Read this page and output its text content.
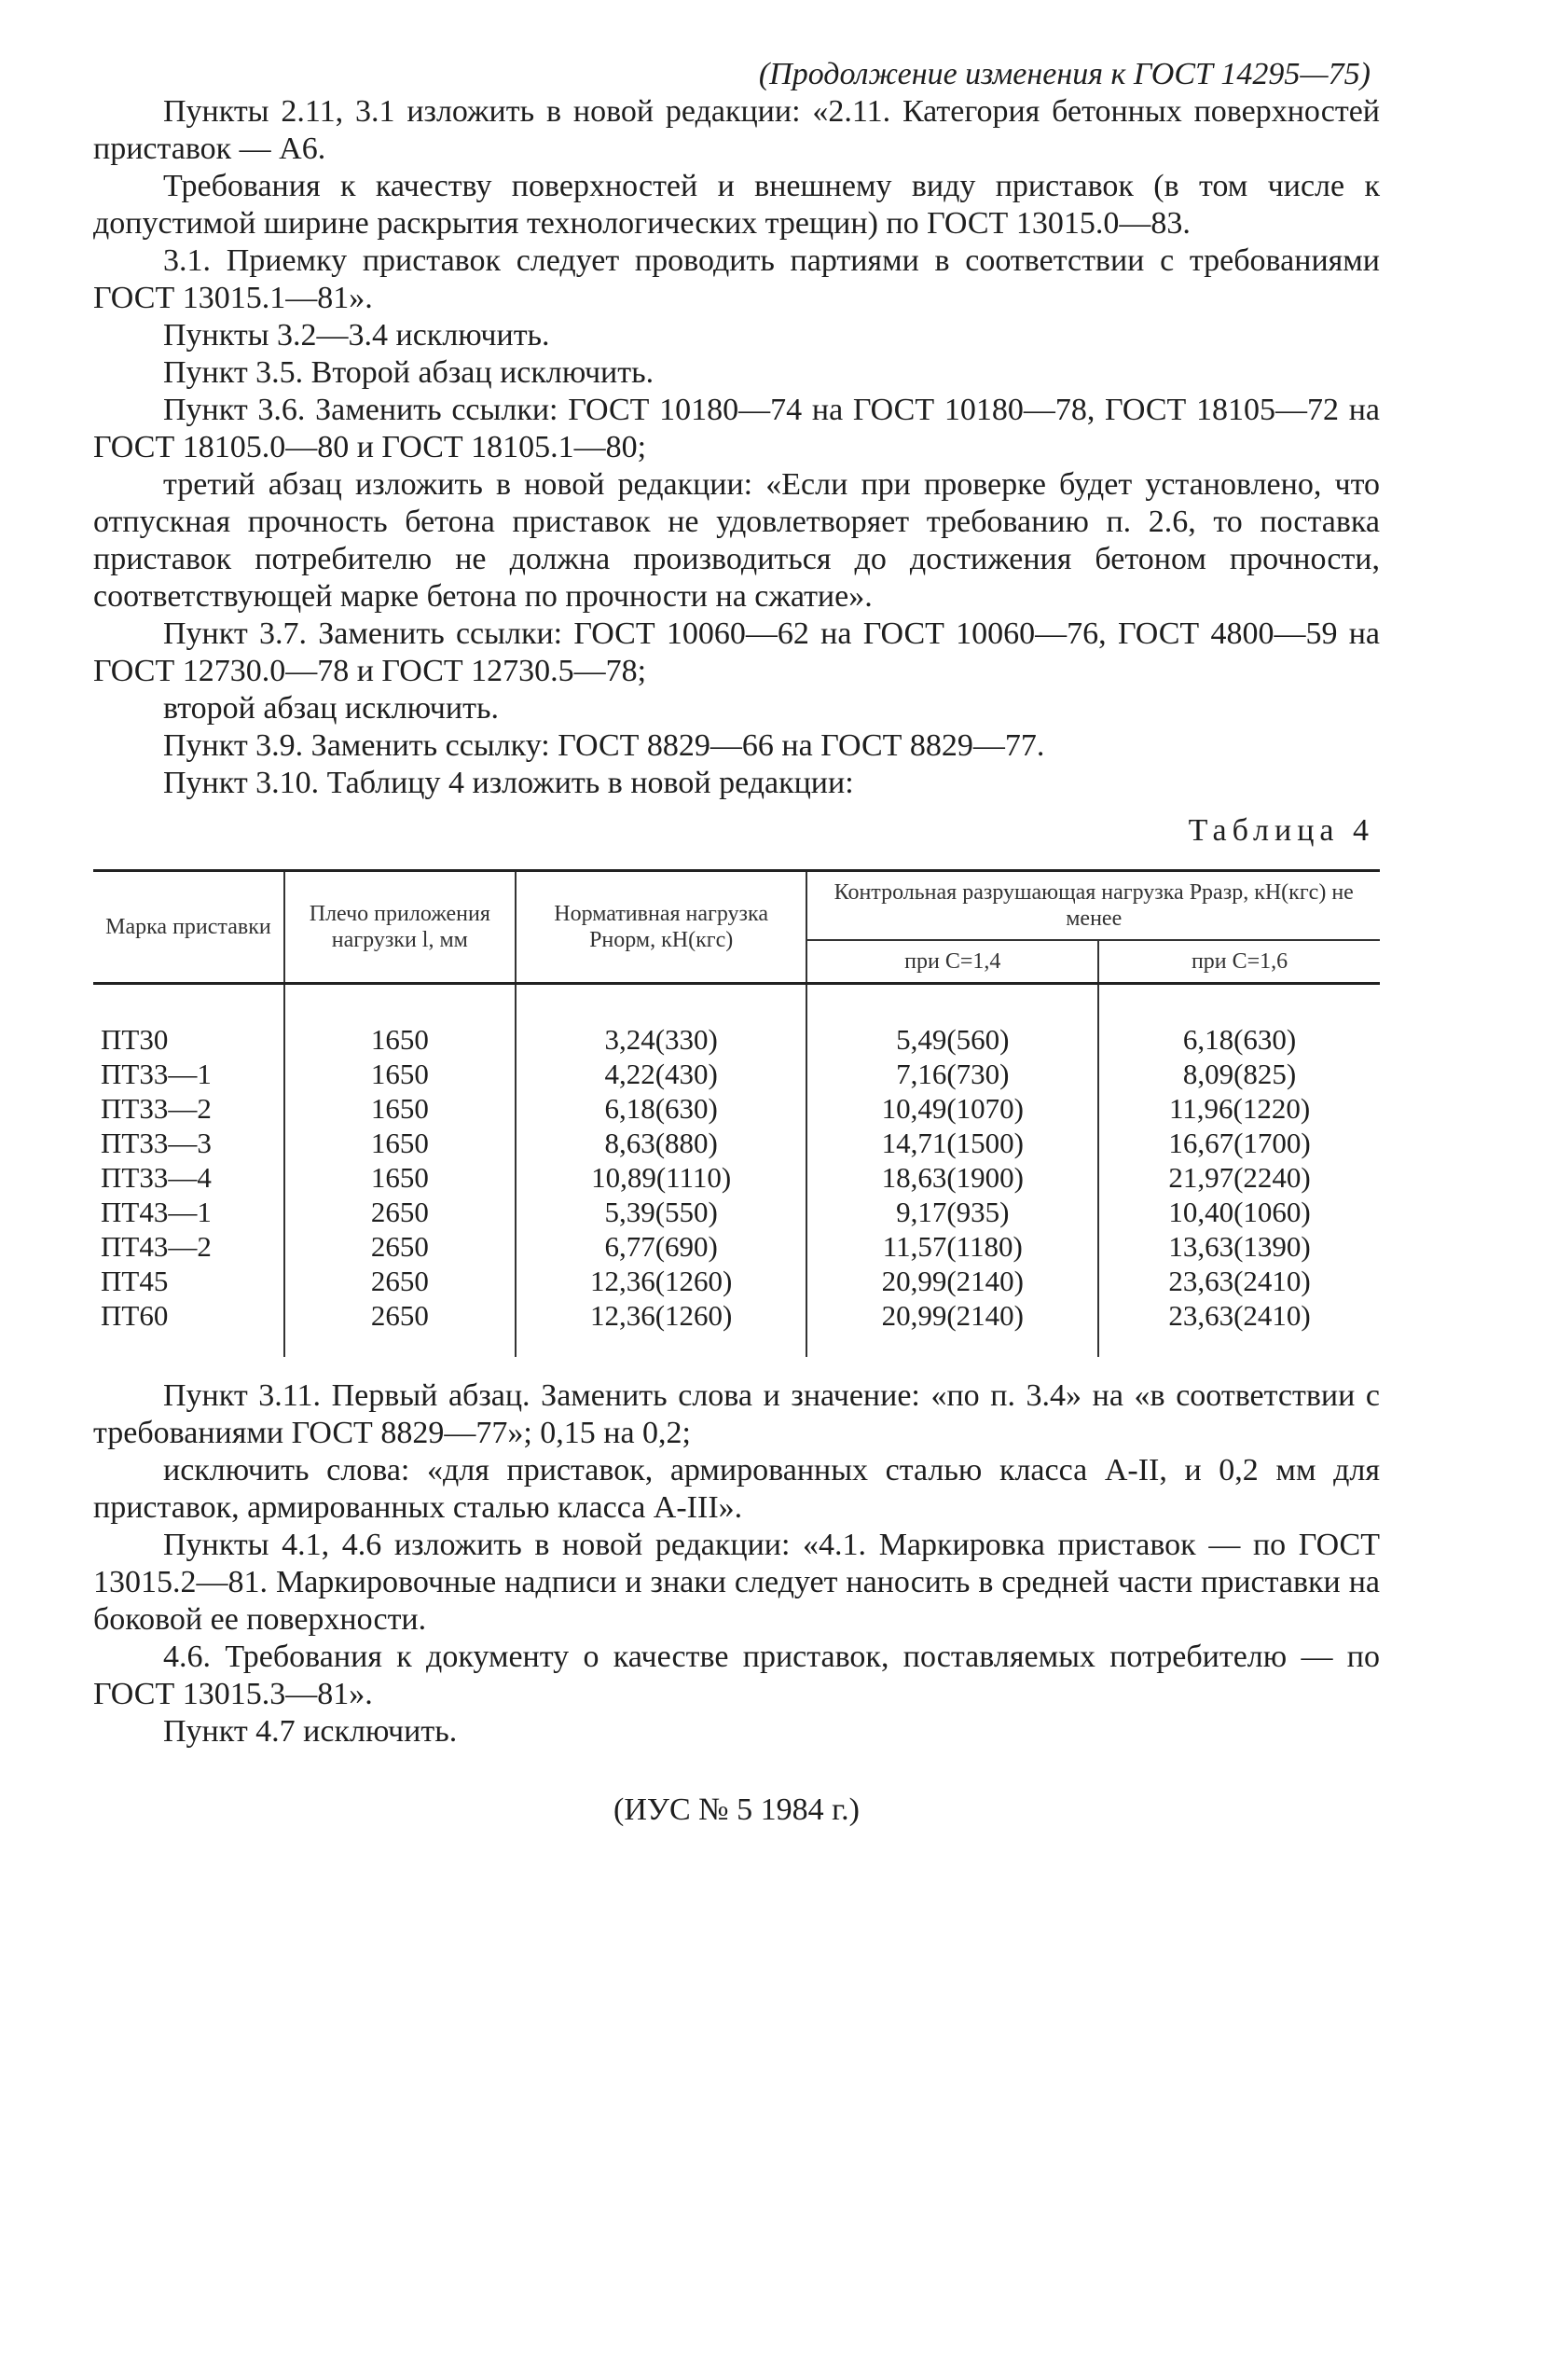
(Продолжение изменения к ГОСТ 14295—75)

Пункты 2.11, 3.1 изложить в новой редакции: «2.11. Категория бетонных поверхностей приставок — А6.

Требования к качеству поверхностей и внешнему виду приставок (в том числе к допустимой ширине раскрытия технологических трещин) по ГОСТ 13015.0—83.

3.1. Приемку приставок следует проводить партиями в соответствии с требованиями ГОСТ 13015.1—81».

Пункты 3.2—3.4 исключить.

Пункт 3.5. Второй абзац исключить.

Пункт 3.6. Заменить ссылки: ГОСТ 10180—74 на ГОСТ 10180—78, ГОСТ 18105—72 на ГОСТ 18105.0—80 и ГОСТ 18105.1—80;

третий абзац изложить в новой редакции: «Если при проверке будет установлено, что отпускная прочность бетона приставок не удовлетворяет требованию п. 2.6, то поставка приставок потребителю не должна производиться до достижения бетоном прочности, соответствующей марке бетона по прочности на сжатие».

Пункт 3.7. Заменить ссылки: ГОСТ 10060—62 на ГОСТ 10060—76, ГОСТ 4800—59 на ГОСТ 12730.0—78 и ГОСТ 12730.5—78;

второй абзац исключить.

Пункт 3.9. Заменить ссылку: ГОСТ 8829—66 на ГОСТ 8829—77.

Пункт 3.10. Таблицу 4 изложить в новой редакции:

Таблица 4
Марка приставки	Плечо приложения нагрузки l, мм	Нормативная нагрузка Pнорм, кН(кгс)	Контрольная разрушающая нагрузка Pразр, кН(кгс) не менее	
			при C=1,4	при C=1,6
ПТ30	1650	3,24(330)	5,49(560)	6,18(630)
ПТ33—1	1650	4,22(430)	7,16(730)	8,09(825)
ПТ33—2	1650	6,18(630)	10,49(1070)	11,96(1220)
ПТ33—3	1650	8,63(880)	14,71(1500)	16,67(1700)
ПТ33—4	1650	10,89(1110)	18,63(1900)	21,97(2240)
ПТ43—1	2650	5,39(550)	9,17(935)	10,40(1060)
ПТ43—2	2650	6,77(690)	11,57(1180)	13,63(1390)
ПТ45	2650	12,36(1260)	20,99(2140)	23,63(2410)
ПТ60	2650	12,36(1260)	20,99(2140)	23,63(2410)

Пункт 3.11. Первый абзац. Заменить слова и значение: «по п. 3.4» на «в соответствии с требованиями ГОСТ 8829—77»; 0,15 на 0,2;

исключить слова: «для приставок, армированных сталью класса А-II, и 0,2 мм для приставок, армированных сталью класса А-III».

Пункты 4.1, 4.6 изложить в новой редакции: «4.1. Маркировка приставок — по ГОСТ 13015.2—81. Маркировочные надписи и знаки следует наносить в средней части приставки на боковой ее поверхности.

4.6. Требования к документу о качестве приставок, поставляемых потребителю — по ГОСТ 13015.3—81».

Пункт 4.7 исключить.

(ИУС № 5 1984 г.)
